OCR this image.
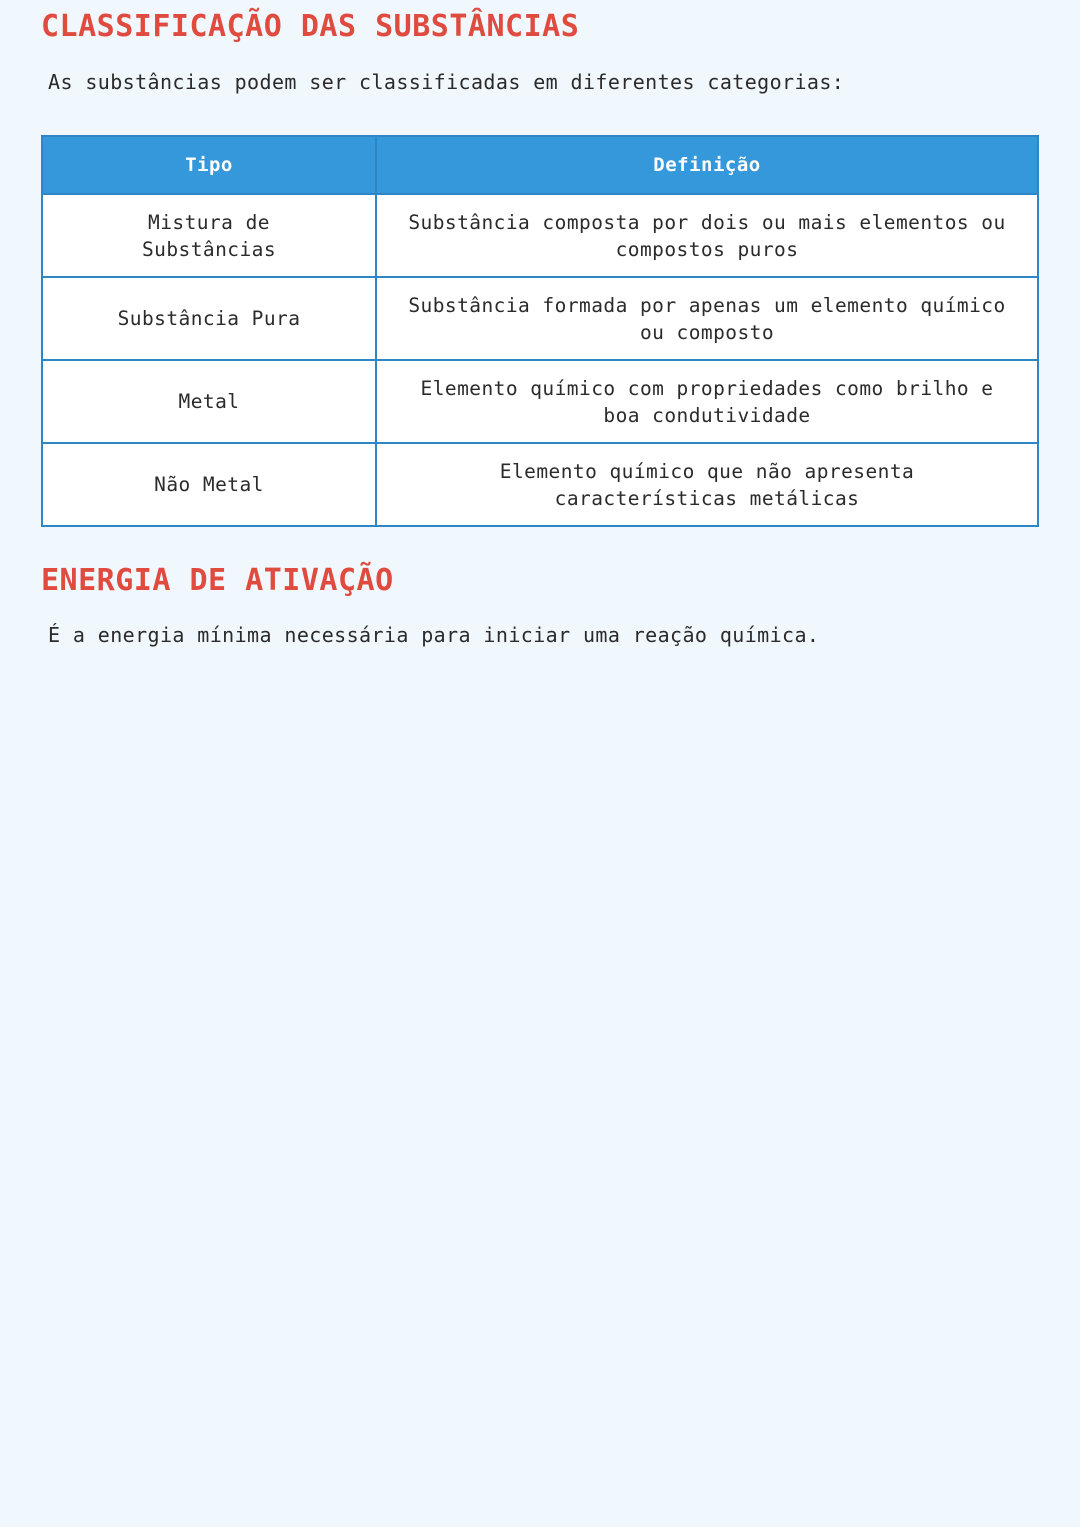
CLASSIFICAÇÃO DAS SUBSTÂNCIAS

As substâncias podem ser classificadas em diferentes categorias:

Tipo	Definição
Mistura de Substâncias	Substância composta por dois ou mais elementos ou compostos puros
Substância Pura	Substância formada por apenas um elemento químico ou composto
Metal	Elemento químico com propriedades como brilho e boa condutividade
Não Metal	Elemento químico que não apresenta características metálicas
ENERGIA DE ATIVAÇÃO

É a energia mínima necessária para iniciar uma reação química.
